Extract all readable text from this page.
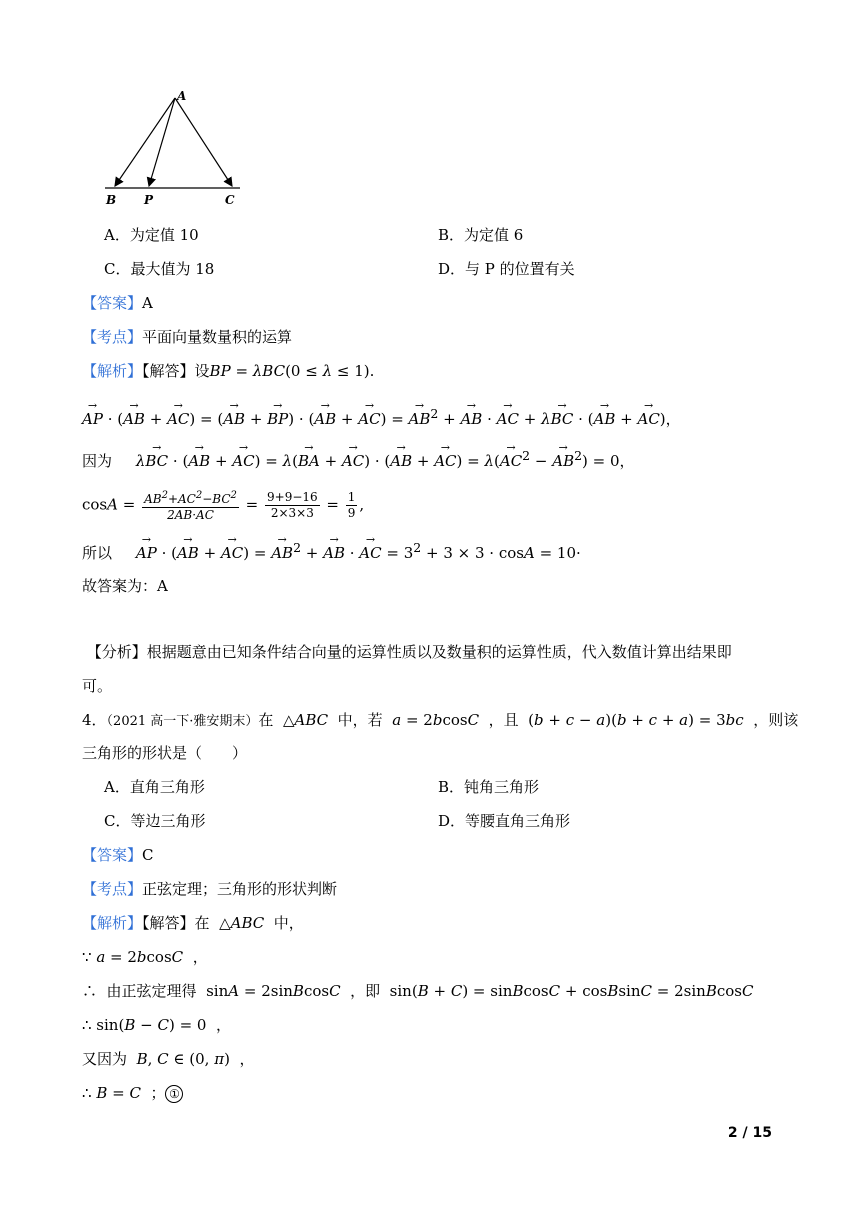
A
B P	C
A．为定值 10	B．为定值 6
C．最大值为 18	D．与 P 的位置有关
【答案】A
【考点】平面向量数量积的运算
【解析】【解答】设BP = λBC(0 ≤ λ ≤ 1).
→ AP · (→ AB + → AC) = (→ AB + → BP) · (→ AB + → AC) = → $AB^2$ + → AB · → AC + λ→ BC · (→ AB + → AC)，
因为 λ→ BC · (→ AB + → AC) = λ(→ BA + → AC) · (→ AB + → $AC) = \lambda(\to AC^2$ − → $AB^2) = 0$，
$\cos A = \frac{AB^2+AC^2-BC^2}{2AB\cdot AC} = \frac{9+9-16}{2\times 3\times 3} = \frac{1}{9}$ ,
所以     → AP · (→ AB + → AC) = → $AB^2$ + → AB · → AC = $3^2 + 3 \times 3 \cdot \cos A = 10\cdot$
故答案为：A
【分析】根据题意由已知条件结合向量的运算性质以及数量积的运算性质，代入数值计算出结果即
可。
4．（2021 高一下·雅安期末）在  △ABC 中，若 a = 2bcosC ，且  (b + c − a)(b + c + a) = 3bc ，则该
三角形的形状是（　　）
A．直角三角形	B．钝角三角形
C．等边三角形	D．等腰直角三角形
【答案】C
【考点】正弦定理；三角形的形状判断
【解析】【解答】在  △ABC 中，
∵ a = 2bcosC  ，
∴  由正弦定理得  sinA = 2sinBcosC ，即  sin(B + C) = sinBcosC + cosBsinC = 2sinBcosC
∴ sin(B − C) = 0  ，
又因为 B, C ∈ (0, π)  ，
∴ B = C  ； ①
2 / 15
